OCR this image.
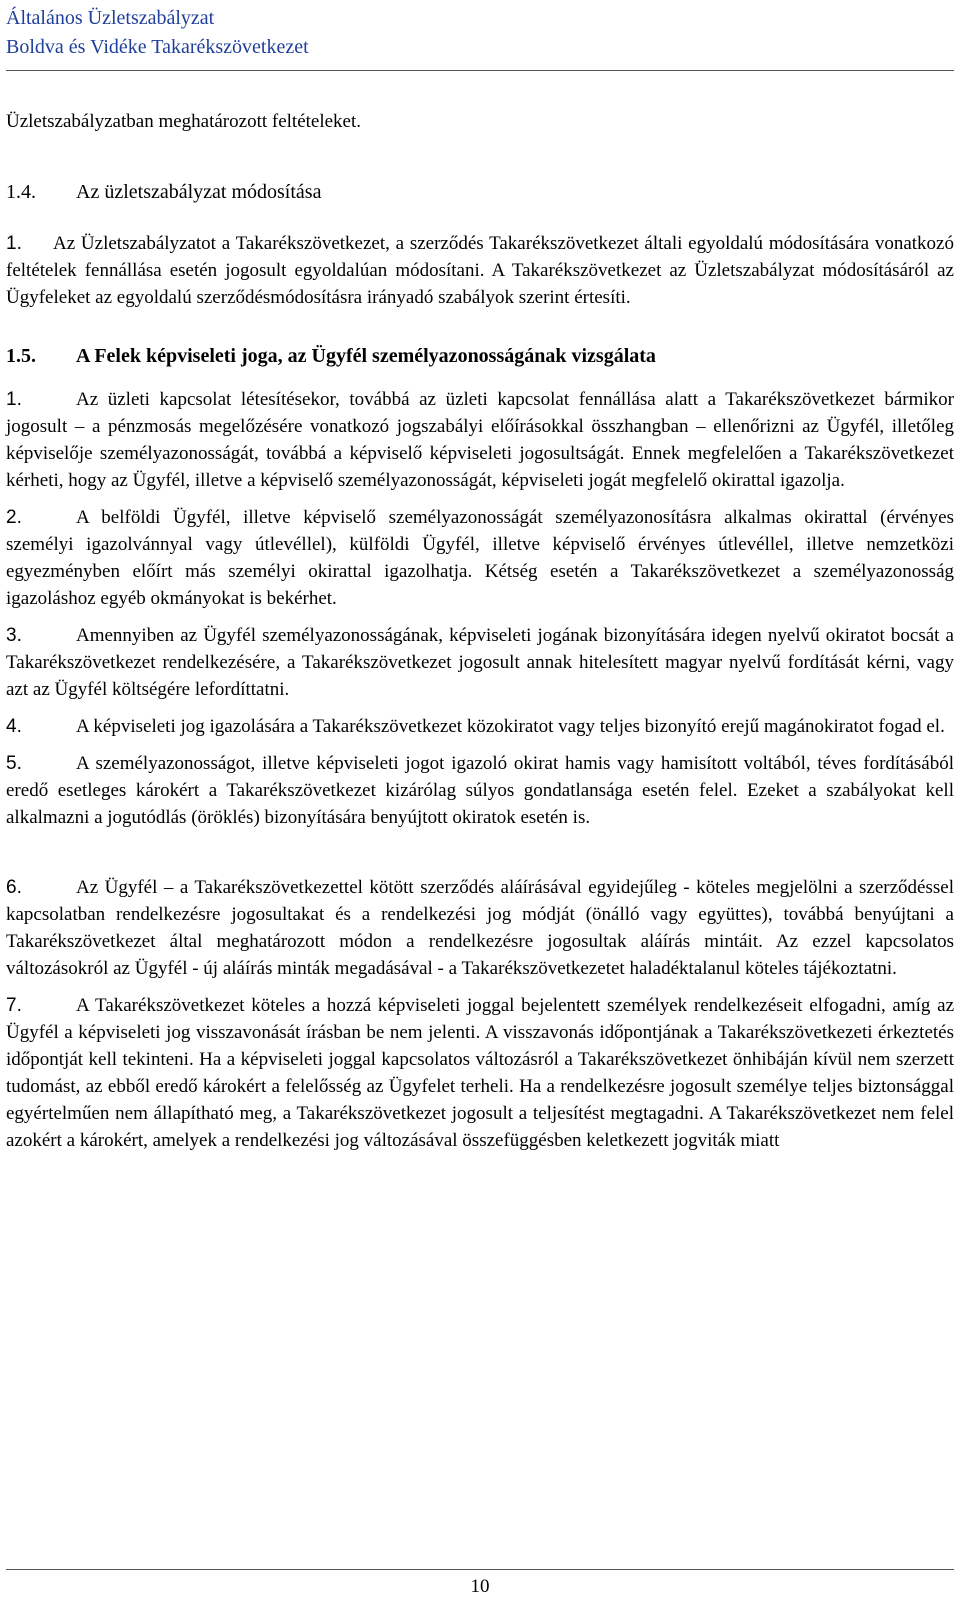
Általános Üzletszabályzat
Boldva és Vidéke Takarékszövetkezet

Üzletszabályzatban meghatározott feltételeket.

1.4.	Az üzletszabályzat módosítása

1. Az Üzletszabályzatot a Takarékszövetkezet, a szerződés Takarékszövetkezet általi egyoldalú módosítására vonatkozó feltételek fennállása esetén jogosult egyoldalúan módosítani. A Takarékszövetkezet az Üzletszabályzat módosításáról az Ügyfeleket az egyoldalú szerződésmódosításra irányadó szabályok szerint értesíti.

1.5.	A Felek képviseleti joga, az Ügyfél személyazonosságának vizsgálata

1.	Az üzleti kapcsolat létesítésekor, továbbá az üzleti kapcsolat fennállása alatt a Takarékszövetkezet bármikor jogosult – a pénzmosás megelőzésére vonatkozó jogszabályi előírásokkal összhangban – ellenőrizni az Ügyfél, illetőleg képviselője személyazonosságát, továbbá a képviselő képviseleti jogosultságát. Ennek megfelelően a Takarékszövetkezet kérheti, hogy az Ügyfél, illetve a képviselő személyazonosságát, képviseleti jogát megfelelő okirattal igazolja.

2.	A belföldi Ügyfél, illetve képviselő személyazonosságát személyazonosításra alkalmas okirattal (érvényes személyi igazolvánnyal vagy útlevéllel), külföldi Ügyfél, illetve képviselő érvényes útlevéllel, illetve nemzetközi egyezményben előírt más személyi okirattal igazolhatja. Kétség esetén a Takarékszövetkezet a személyazonosság igazoláshoz egyéb okmányokat is bekérhet.

3.	Amennyiben az Ügyfél személyazonosságának, képviseleti jogának bizonyítására idegen nyelvű okiratot bocsát a Takarékszövetkezet rendelkezésére, a Takarékszövetkezet jogosult annak hitelesített magyar nyelvű fordítását kérni, vagy azt az Ügyfél költségére lefordíttatni.

4.	A képviseleti jog igazolására a Takarékszövetkezet közokiratot vagy teljes bizonyító erejű magánokiratot fogad el.

5.	A személyazonosságot, illetve képviseleti jogot igazoló okirat hamis vagy hamisított voltából, téves fordításából eredő esetleges károkért a Takarékszövetkezet kizárólag súlyos gondatlansága esetén felel. Ezeket a szabályokat kell alkalmazni a jogutódlás (öröklés) bizonyítására benyújtott okiratok esetén is.

6.	Az Ügyfél – a Takarékszövetkezettel kötött szerződés aláírásával egyidejűleg - köteles megjelölni a szerződéssel kapcsolatban rendelkezésre jogosultakat és a rendelkezési jog módját (önálló vagy együttes), továbbá benyújtani a Takarékszövetkezet által meghatározott módon a rendelkezésre jogosultak aláírás mintáit. Az ezzel kapcsolatos változásokról az Ügyfél - új aláírás minták megadásával - a Takarékszövetkezetet haladéktalanul köteles tájékoztatni.

7.	A Takarékszövetkezet köteles a hozzá képviseleti joggal bejelentett személyek rendelkezéseit elfogadni, amíg az Ügyfél a képviseleti jog visszavonását írásban be nem jelenti. A visszavonás időpontjának a Takarékszövetkezeti érkeztetés időpontját kell tekinteni. Ha a képviseleti joggal kapcsolatos változásról a Takarékszövetkezet önhibáján kívül nem szerzett tudomást, az ebből eredő károkért a felelősség az Ügyfelet terheli. Ha a rendelkezésre jogosult személye teljes biztonsággal egyértelműen nem állapítható meg, a Takarékszövetkezet jogosult a teljesítést megtagadni. A Takarékszövetkezet nem felel azokért a károkért, amelyek a rendelkezési jog változásával összefüggésben keletkezett jogviták miatt

10
